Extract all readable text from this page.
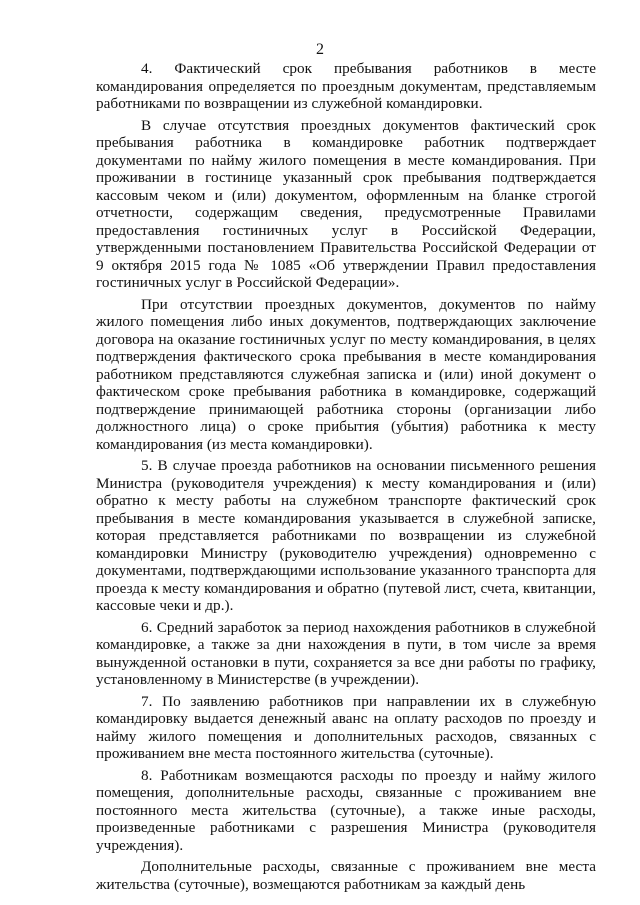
2

4. Фактический срок пребывания работников в месте командирования определяется по проездным документам, представляемым работниками по возвращении из служебной командировки.

В случае отсутствия проездных документов фактический срок пребывания работника в командировке работник подтверждает документами по найму жилого помещения в месте командирования. При проживании в гостинице указанный срок пребывания подтверждается кассовым чеком и (или) документом, оформленным на бланке строгой отчетности, содержащим сведения, предусмотренные Правилами предоставления гостиничных услуг в Российской Федерации, утвержденными постановлением Правительства Российской Федерации от 9 октября 2015 года № 1085 «Об утверждении Правил предоставления гостиничных услуг в Российской Федерации».

При отсутствии проездных документов, документов по найму жилого помещения либо иных документов, подтверждающих заключение договора на оказание гостиничных услуг по месту командирования, в целях подтверждения фактического срока пребывания в месте командирования работником представляются служебная записка и (или) иной документ о фактическом сроке пребывания работника в командировке, содержащий подтверждение принимающей работника стороны (организации либо должностного лица) о сроке прибытия (убытия) работника к месту командирования (из места командировки).

5. В случае проезда работников на основании письменного решения Министра (руководителя учреждения) к месту командирования и (или) обратно к месту работы на служебном транспорте фактический срок пребывания в месте командирования указывается в служебной записке, которая представляется работниками по возвращении из служебной командировки Министру (руководителю учреждения) одновременно с документами, подтверждающими использование указанного транспорта для проезда к месту командирования и обратно (путевой лист, счета, квитанции, кассовые чеки и др.).

6. Средний заработок за период нахождения работников в служебной командировке, а также за дни нахождения в пути, в том числе за время вынужденной остановки в пути, сохраняется за все дни работы по графику, установленному в Министерстве (в учреждении).

7. По заявлению работников при направлении их в служебную командировку выдается денежный аванс на оплату расходов по проезду и найму жилого помещения и дополнительных расходов, связанных с проживанием вне места постоянного жительства (суточные).

8. Работникам возмещаются расходы по проезду и найму жилого помещения, дополнительные расходы, связанные с проживанием вне постоянного места жительства (суточные), а также иные расходы, произведенные работниками с разрешения Министра (руководителя учреждения).

Дополнительные расходы, связанные с проживанием вне места жительства (суточные), возмещаются работникам за каждый день
